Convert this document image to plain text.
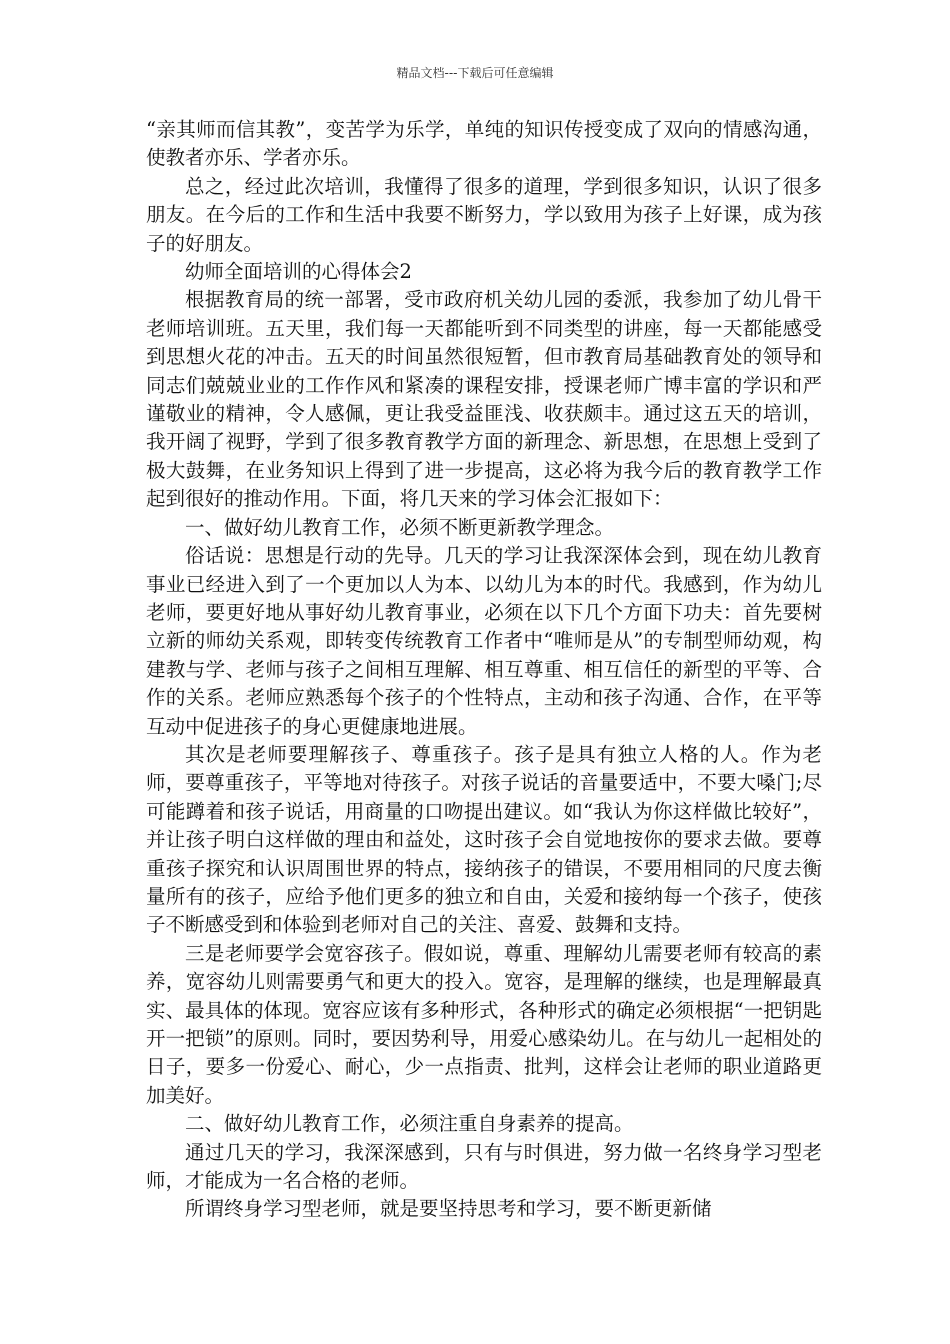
精品文档---下载后可任意编辑

“亲其师而信其教”，变苦学为乐学，单纯的知识传授变成了双向的情感沟通，使教者亦乐、学者亦乐。

总之，经过此次培训，我懂得了很多的道理，学到很多知识，认识了很多朋友。在今后的工作和生活中我要不断努力，学以致用为孩子上好课，成为孩子的好朋友。

幼师全面培训的心得体会2

根据教育局的统一部署，受市政府机关幼儿园的委派，我参加了幼儿骨干老师培训班。五天里，我们每一天都能听到不同类型的讲座，每一天都能感受到思想火花的冲击。五天的时间虽然很短暂，但市教育局基础教育处的领导和同志们兢兢业业的工作作风和紧凑的课程安排，授课老师广博丰富的学识和严谨敬业的精神，令人感佩，更让我受益匪浅、收获颇丰。通过这五天的培训，我开阔了视野，学到了很多教育教学方面的新理念、新思想，在思想上受到了极大鼓舞，在业务知识上得到了进一步提高，这必将为我今后的教育教学工作起到很好的推动作用。下面，将几天来的学习体会汇报如下：

一、做好幼儿教育工作，必须不断更新教学理念。

俗话说：思想是行动的先导。几天的学习让我深深体会到，现在幼儿教育事业已经进入到了一个更加以人为本、以幼儿为本的时代。我感到，作为幼儿老师，要更好地从事好幼儿教育事业，必须在以下几个方面下功夫：首先要树立新的师幼关系观，即转变传统教育工作者中“唯师是从”的专制型师幼观，构建教与学、老师与孩子之间相互理解、相互尊重、相互信任的新型的平等、合作的关系。老师应熟悉每个孩子的个性特点，主动和孩子沟通、合作，在平等互动中促进孩子的身心更健康地进展。

其次是老师要理解孩子、尊重孩子。孩子是具有独立人格的人。作为老师，要尊重孩子，平等地对待孩子。对孩子说话的音量要适中，不要大嗓门;尽可能蹲着和孩子说话，用商量的口吻提出建议。如“我认为你这样做比较好”，并让孩子明白这样做的理由和益处，这时孩子会自觉地按你的要求去做。要尊重孩子探究和认识周围世界的特点，接纳孩子的错误，不要用相同的尺度去衡量所有的孩子，应给予他们更多的独立和自由，关爱和接纳每一个孩子，使孩子不断感受到和体验到老师对自己的关注、喜爱、鼓舞和支持。

三是老师要学会宽容孩子。假如说，尊重、理解幼儿需要老师有较高的素养，宽容幼儿则需要勇气和更大的投入。宽容，是理解的继续，也是理解最真实、最具体的体现。宽容应该有多种形式，各种形式的确定必须根据“一把钥匙开一把锁”的原则。同时，要因势利导，用爱心感染幼儿。在与幼儿一起相处的日子，要多一份爱心、耐心，少一点指责、批判，这样会让老师的职业道路更加美好。

二、做好幼儿教育工作，必须注重自身素养的提高。

通过几天的学习，我深深感到，只有与时俱进，努力做一名终身学习型老师，才能成为一名合格的老师。

所谓终身学习型老师，就是要坚持思考和学习，要不断更新储
